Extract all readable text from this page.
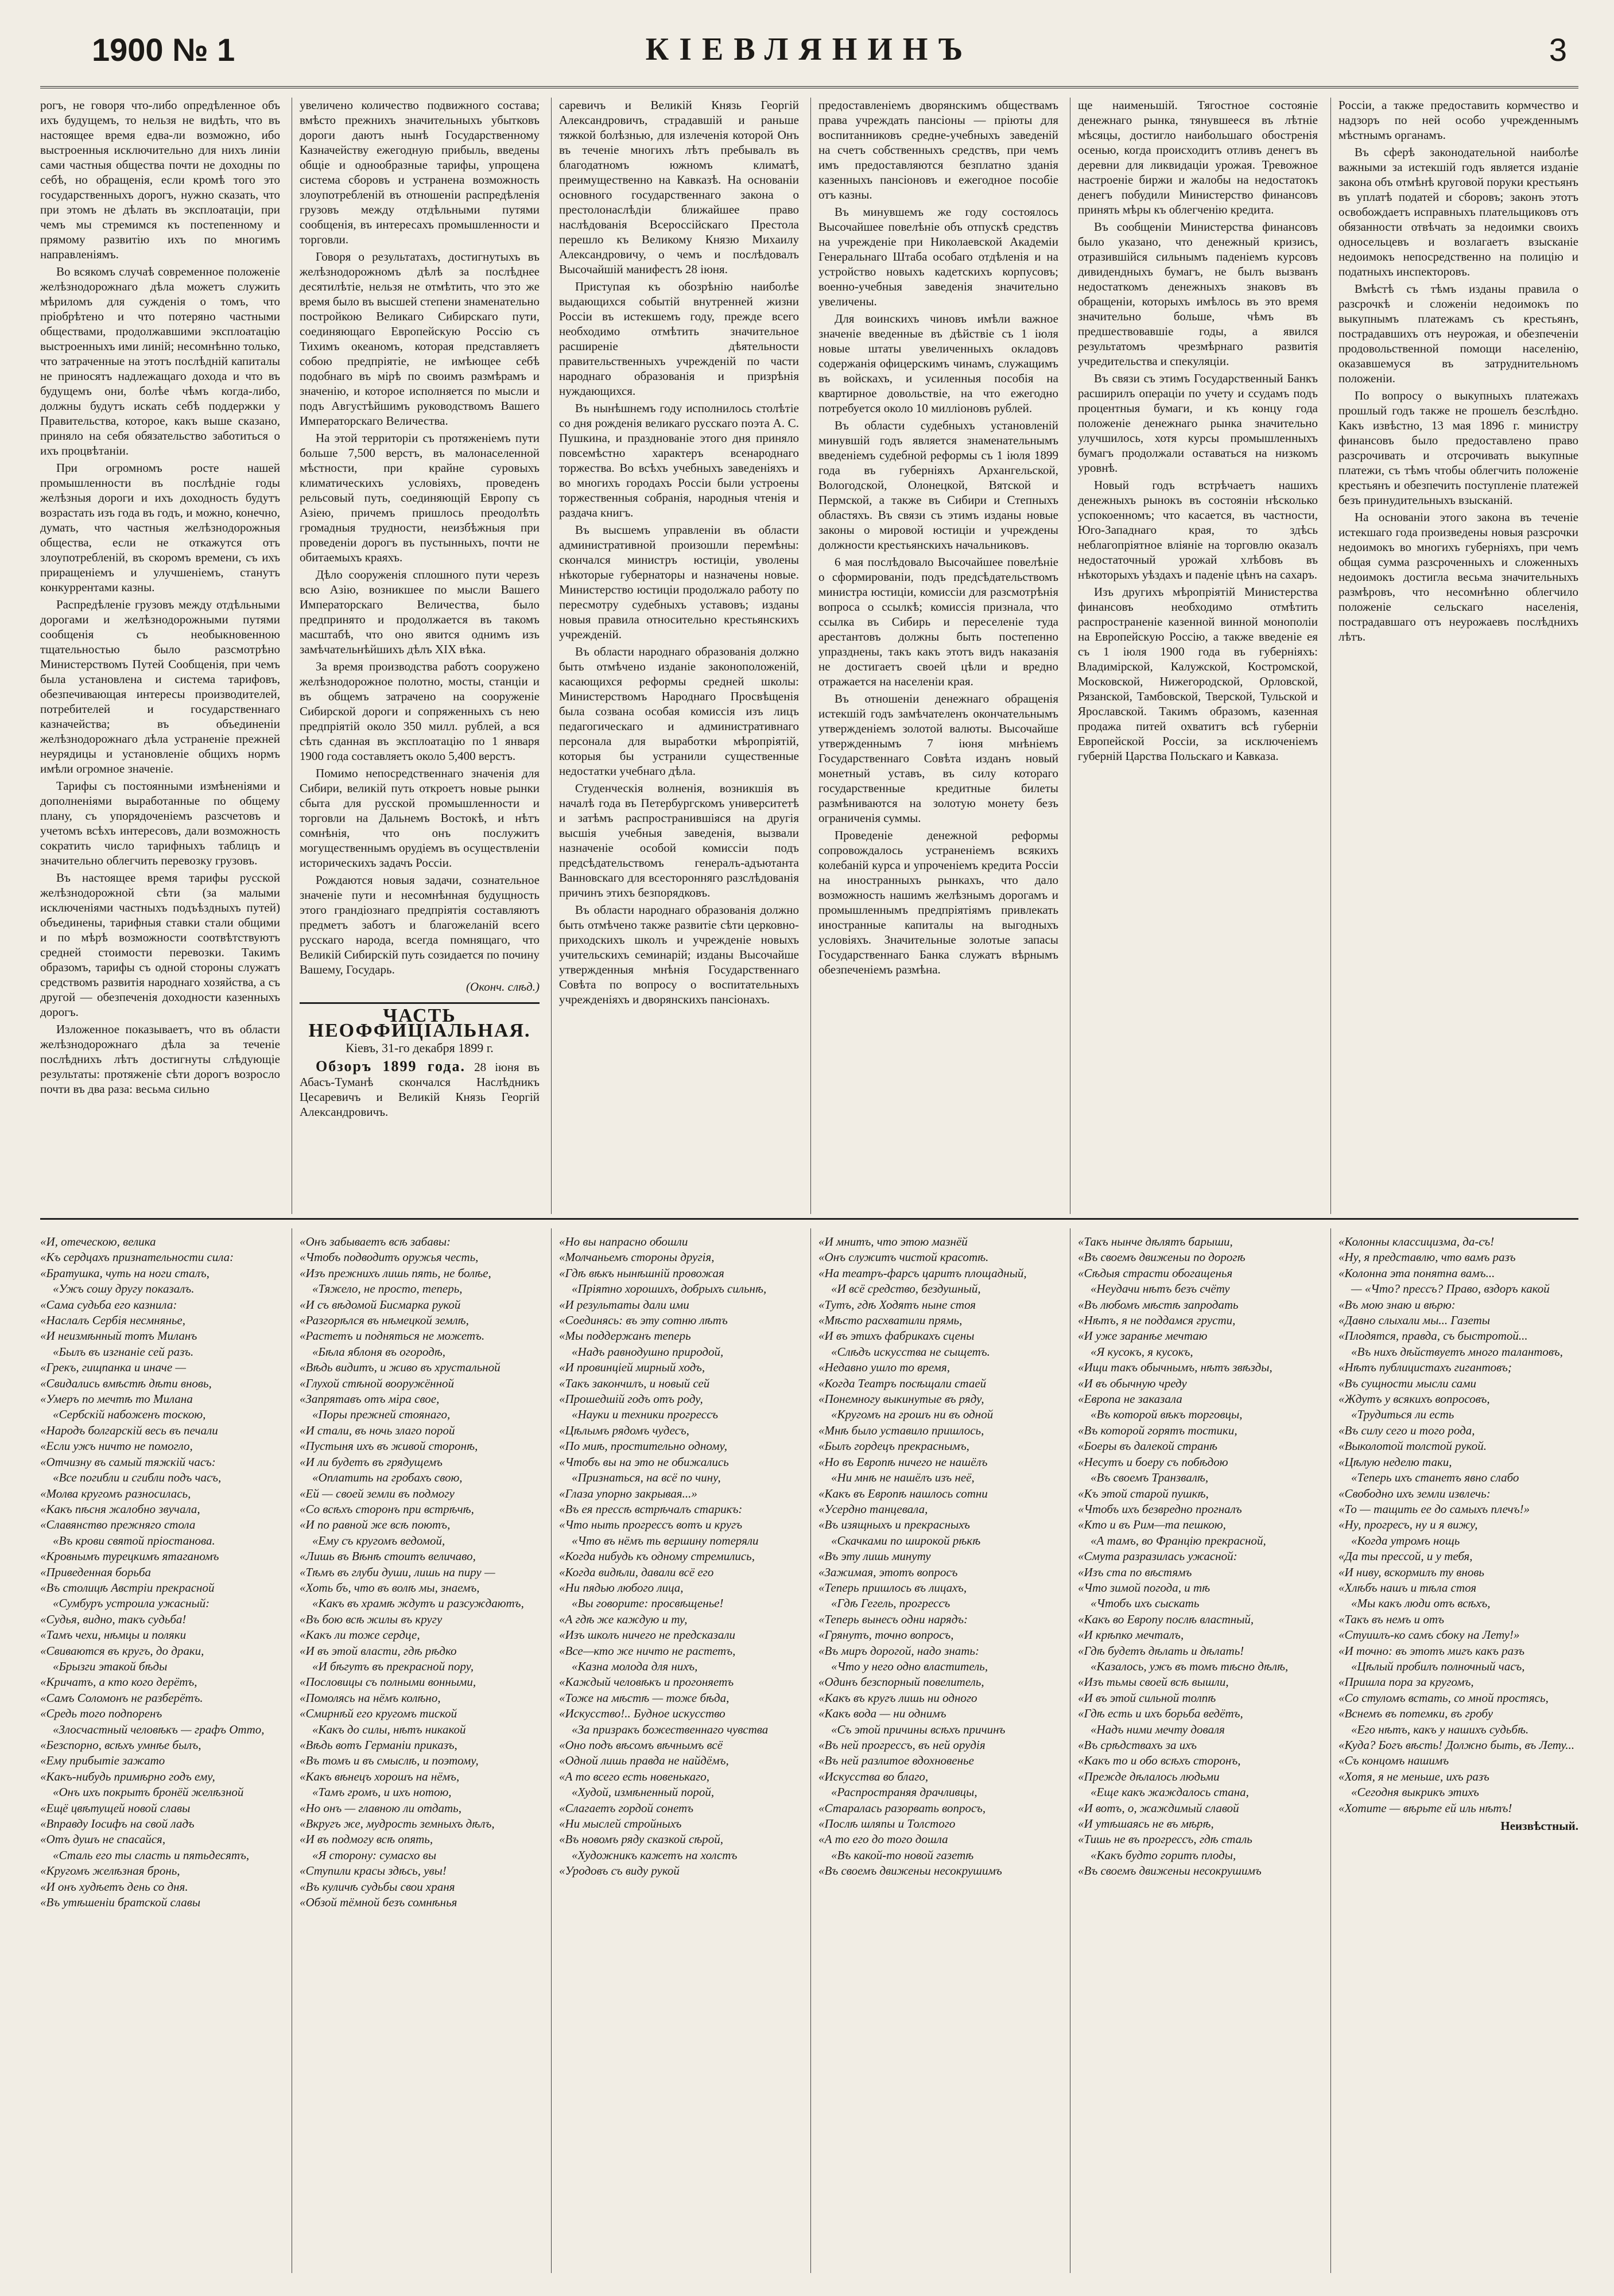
1900 № 1	КІЕВЛЯНИНЪ	3

рогъ, не говоря что-либо опредѣленное объ ихъ будущемъ, то нельзя не видѣть, что въ настоящее время едва-ли возможно, ибо выстроенныя исключительно для нихъ линіи сами частныя общества почти не доходны по себѣ, но обращенія, если кромѣ того это государственныхъ дорогъ, нужно сказать, что при этомъ не дѣлать въ эксплоатаціи, при чемъ мы стремимся къ постепенному и прямому развитію ихъ по многимъ направленіямъ.

Во всякомъ случаѣ современное положеніе желѣзнодорожнаго дѣла можетъ служить мѣриломъ для сужденія о томъ, что пріобрѣтено и что потеряно частными обществами, продолжавшими эксплоатацію выстроенныхъ ими линій; несомнѣнно только, что затраченные на этотъ послѣдній капиталы не приносятъ надлежащаго дохода и что въ будущемъ они, болѣе чѣмъ когда-либо, должны будутъ искать себѣ поддержки у Правительства, которое, какъ выше сказано, приняло на себя обязательство заботиться о ихъ процвѣтаніи.

При огромномъ росте нашей промышленности въ послѣдніе годы желѣзныя дороги и ихъ доходность будутъ возрастать изъ года въ годъ, и можно, конечно, думать, что частныя желѣзнодорожныя общества, если не откажутся отъ злоупотребленій, въ скоромъ времени, съ ихъ приращеніемъ и улучшеніемъ, станутъ конкуррентами казны.

Распредѣленіе грузовъ между отдѣльными дорогами и желѣзнодорожными путями сообщенія съ необыкновенною тщательностью было разсмотрѣно Министерствомъ Путей Сообщенія, при чемъ была установлена и система тарифовъ, обезпечивающая интересы производителей, потребителей и государственнаго казначейства; въ объединеніи желѣзнодорожнаго дѣла устраненіе прежней неурядицы и установленіе общихъ нормъ имѣли огромное значеніе.

Тарифы съ постоянными измѣненіями и дополненіями выработанные по общему плану, съ упорядоченіемъ разсчетовъ и учетомъ всѣхъ интересовъ, дали возможность сократить число тарифныхъ таблицъ и значительно облегчить перевозку грузовъ.

Въ настоящее время тарифы русской желѣзнодорожной сѣти (за малыми исключеніями частныхъ подъѣздныхъ путей) объединены, тарифныя ставки стали общими и по мѣрѣ возможности соотвѣтствуютъ средней стоимости перевозки. Такимъ образомъ, тарифы съ одной стороны служатъ средствомъ развитія народнаго хозяйства, а съ другой — обезпеченія доходности казенныхъ дорогъ.

Изложенное показываетъ, что въ области желѣзнодорожнаго дѣла за теченіе послѣднихъ лѣтъ достигнуты слѣдующіе результаты: протяженіе сѣти дорогъ возросло почти въ два раза: весьма сильно

увеличено количество подвижного состава; вмѣсто прежнихъ значительныхъ убытковъ дороги даютъ нынѣ Государственному Казначейству ежегодную прибыль, введены общіе и однообразные тарифы, упрощена система сборовъ и устранена возможность злоупотребленій въ отношеніи распредѣленія грузовъ между отдѣльными путями сообщенія, въ интересахъ промышленности и торговли.

Говоря о результатахъ, достигнутыхъ въ желѣзнодорожномъ дѣлѣ за послѣднее десятилѣтіе, нельзя не отмѣтить, что это же время было въ высшей степени знаменательно постройкою Великаго Сибирскаго пути, соединяющаго Европейскую Россію съ Тихимъ океаномъ, которая представляетъ собою предпріятіе, не имѣющее себѣ подобнаго въ мірѣ по своимъ размѣрамъ и значенію, и которое исполняется по мысли и подъ Августѣйшимъ руководствомъ Вашего Императорскаго Величества.

На этой территоріи съ протяженіемъ пути больше 7,500 верстъ, въ малонаселенной мѣстности, при крайне суровыхъ климатическихъ условіяхъ, проведенъ рельсовый путь, соединяющій Европу съ Азіею, причемъ пришлось преодолѣть громадныя трудности, неизбѣжныя при проведеніи дорогъ въ пустынныхъ, почти не обитаемыхъ краяхъ.

Дѣло сооруженія сплошного пути черезъ всю Азію, возникшее по мысли Вашего Императорскаго Величества, было предпринято и продолжается въ такомъ масштабѣ, что оно явится однимъ изъ замѣчательнѣйшихъ дѣлъ ХІХ вѣка.

За время производства работъ сооружено желѣзнодорожное полотно, мосты, станціи и въ общемъ затрачено на сооруженіе Сибирской дороги и сопряженныхъ съ нею предпріятій около 350 милл. рублей, а вся сѣть сданная въ эксплоатацію по 1 января 1900 года составляетъ около 5,400 верстъ.

Помимо непосредственнаго значенія для Сибири, великій путь откроетъ новые рынки сбыта для русской промышленности и торговли на Дальнемъ Востокѣ, и нѣтъ сомнѣнія, что онъ послужитъ могущественнымъ орудіемъ въ осуществленіи историческихъ задачъ Россіи.

Рождаются новыя задачи, сознательное значеніе пути и несомнѣнная будущность этого грандіознаго предпріятія составляютъ предметъ заботъ и благожеланій всего русскаго народа, всегда помнящаго, что Великій Сибирскій путь созидается по почину Вашему, Государь.

(Оконч. слѣд.)

ЧАСТЬ НЕОФФИЦІАЛЬНАЯ.
Кіевъ, 31-го декабря 1899 г.
Обзоръ 1899 года. 28 іюня въ Абасъ-Туманѣ скончался Наслѣдникъ Цесаревичъ и Великій Князь Георгій Александровичъ.

саревичъ и Великій Князь Георгій Александровичъ, страдавшій и раньше тяжкой болѣзнью, для излеченія которой Онъ въ теченіе многихъ лѣтъ пребывалъ въ благодатномъ южномъ климатѣ, преимущественно на Кавказѣ. На основаніи основного государственнаго закона о престолонаслѣдіи ближайшее право наслѣдованія Всероссійскаго Престола перешло къ Великому Князю Михаилу Александровичу, о чемъ и послѣдовалъ Высочайшій манифестъ 28 іюня.

Приступая къ обозрѣнію наиболѣе выдающихся событій внутренней жизни Россіи въ истекшемъ году, прежде всего необходимо отмѣтить значительное расширеніе дѣятельности правительственныхъ учрежденій по части народнаго образованія и призрѣнія нуждающихся.

Въ нынѣшнемъ году исполнилось столѣтіе со дня рожденія великаго русскаго поэта А. С. Пушкина, и празднованіе этого дня приняло повсемѣстно характеръ всенароднаго торжества. Во всѣхъ учебныхъ заведеніяхъ и во многихъ городахъ Россіи были устроены торжественныя собранія, народныя чтенія и раздача книгъ.

Въ высшемъ управленіи въ области административной произошли перемѣны: скончался министръ юстиціи, уволены нѣкоторые губернаторы и назначены новые. Министерство юстиціи продолжало работу по пересмотру судебныхъ уставовъ; изданы новыя правила относительно крестьянскихъ учрежденій.

Въ области народнаго образованія должно быть отмѣчено изданіе законоположеній, касающихся реформы средней школы: Министерствомъ Народнаго Просвѣщенія была созвана особая комиссія изъ лицъ педагогическаго и административнаго персонала для выработки мѣропріятій, которыя бы устранили существенные недостатки учебнаго дѣла.

Студенческія волненія, возникшія въ началѣ года въ Петербургскомъ университетѣ и затѣмъ распространившіяся на другія высшія учебныя заведенія, вызвали назначеніе особой комиссіи подъ предсѣдательствомъ генералъ-адъютанта Ванновскаго для всесторонняго разслѣдованія причинъ этихъ безпорядковъ.

Въ области народнаго образованія должно быть отмѣчено также развитіе сѣти церковно-приходскихъ школъ и учрежденіе новыхъ учительскихъ семинарій; изданы Высочайше утвержденныя мнѣнія Государственнаго Совѣта по вопросу о воспитательныхъ учрежденіяхъ и дворянскихъ пансіонахъ.

предоставленіемъ дворянскимъ обществамъ права учреждать пансіоны — пріюты для воспитанниковъ средне-учебныхъ заведеній на счетъ собственныхъ средствъ, при чемъ имъ предоставляются безплатно зданія казенныхъ пансіоновъ и ежегодное пособіе отъ казны.

Въ минувшемъ же году состоялось Высочайшее повелѣніе объ отпускѣ средствъ на учрежденіе при Николаевской Академіи Генеральнаго Штаба особаго отдѣленія и на устройство новыхъ кадетскихъ корпусовъ; военно-учебныя заведенія значительно увеличены.

Для воинскихъ чиновъ имѣли важное значеніе введенные въ дѣйствіе съ 1 іюля новые штаты увеличенныхъ окладовъ содержанія офицерскимъ чинамъ, служащимъ въ войскахъ, и усиленныя пособія на квартирное довольствіе, на что ежегодно потребуется около 10 милліоновъ рублей.

Въ области судебныхъ установленій минувшій годъ является знаменательнымъ введеніемъ судебной реформы съ 1 іюля 1899 года въ губерніяхъ Архангельской, Вологодской, Олонецкой, Вятской и Пермской, а также въ Сибири и Степныхъ областяхъ. Въ связи съ этимъ изданы новые законы о мировой юстиціи и учреждены должности крестьянскихъ начальниковъ.

6 мая послѣдовало Высочайшее повелѣніе о сформированіи, подъ предсѣдательствомъ министра юстиціи, комиссіи для разсмотрѣнія вопроса о ссылкѣ; комиссія признала, что ссылка въ Сибирь и переселеніе туда арестантовъ должны быть постепенно упразднены, такъ какъ этотъ видъ наказанія не достигаетъ своей цѣли и вредно отражается на населеніи края.

Въ отношеніи денежнаго обращенія истекшій годъ замѣчателенъ окончательнымъ утвержденіемъ золотой валюты. Высочайше утвержденнымъ 7 іюня мнѣніемъ Государственнаго Совѣта изданъ новый монетный уставъ, въ силу котораго государственные кредитные билеты размѣниваются на золотую монету безъ ограниченія суммы.

Проведеніе денежной реформы сопровождалось устраненіемъ всякихъ колебаній курса и упроченіемъ кредита Россіи на иностранныхъ рынкахъ, что дало возможность нашимъ желѣзнымъ дорогамъ и промышленнымъ предпріятіямъ привлекать иностранные капиталы на выгодныхъ условіяхъ. Значительные золотые запасы Государственнаго Банка служатъ вѣрнымъ обезпеченіемъ размѣна.

ще наименьшій. Тягостное состояніе денежнаго рынка, тянувшееся въ лѣтніе мѣсяцы, достигло наибольшаго обостренія осенью, когда происходитъ отливъ денегъ въ деревни для ликвидаціи урожая. Тревожное настроеніе биржи и жалобы на недостатокъ денегъ побудили Министерство финансовъ принять мѣры къ облегченію кредита.

Въ сообщеніи Министерства финансовъ было указано, что денежный кризисъ, отразившійся сильнымъ паденіемъ курсовъ дивидендныхъ бумагъ, не былъ вызванъ недостаткомъ денежныхъ знаковъ въ обращеніи, которыхъ имѣлось въ это время значительно больше, чѣмъ въ предшествовавшіе годы, а явился результатомъ чрезмѣрнаго развитія учредительства и спекуляціи.

Въ связи съ этимъ Государственный Банкъ расширилъ операціи по учету и ссудамъ подъ процентныя бумаги, и къ концу года положеніе денежнаго рынка значительно улучшилось, хотя курсы промышленныхъ бумагъ продолжали оставаться на низкомъ уровнѣ.

Новый годъ встрѣчаетъ нашихъ денежныхъ рынокъ въ состояніи нѣсколько успокоенномъ; что касается, въ частности, Юго-Западнаго края, то здѣсь неблагопріятное вліяніе на торговлю оказалъ недостаточный урожай хлѣбовъ въ нѣкоторыхъ уѣздахъ и паденіе цѣнъ на сахаръ.

Изъ другихъ мѣропріятій Министерства финансовъ необходимо отмѣтить распространеніе казенной винной монополіи на Европейскую Россію, а также введеніе ея съ 1 іюля 1900 года въ губерніяхъ: Владимірской, Калужской, Костромской, Московской, Нижегородской, Орловской, Рязанской, Тамбовской, Тверской, Тульской и Ярославской. Такимъ образомъ, казенная продажа питей охватитъ всѣ губерніи Европейской Россіи, за исключеніемъ губерній Царства Польскаго и Кавказа.

Россіи, а также предоставить кормчество и надзоръ по ней особо учрежденнымъ мѣстнымъ органамъ.

Въ сферѣ законодательной наиболѣе важными за истекшій годъ является изданіе закона объ отмѣнѣ круговой поруки крестьянъ въ уплатѣ податей и сборовъ; законъ этотъ освобождаетъ исправныхъ плательщиковъ отъ обязанности отвѣчать за недоимки своихъ односельцевъ и возлагаетъ взысканіе недоимокъ непосредственно на полицію и податныхъ инспекторовъ.

Вмѣстѣ съ тѣмъ изданы правила о разсрочкѣ и сложеніи недоимокъ по выкупнымъ платежамъ съ крестьянъ, пострадавшихъ отъ неурожая, и обезпеченіи продовольственной помощи населенію, оказавшемуся въ затруднительномъ положеніи.

По вопросу о выкупныхъ платежахъ прошлый годъ также не прошелъ безслѣдно. Какъ извѣстно, 13 мая 1896 г. министру финансовъ было предоставлено право разсрочивать и отсрочивать выкупные платежи, съ тѣмъ чтобы облегчить положеніе крестьянъ и обезпечить поступленіе платежей безъ принудительныхъ взысканій.

На основаніи этого закона въ теченіе истекшаго года произведены новыя разсрочки недоимокъ во многихъ губерніяхъ, при чемъ общая сумма разсроченныхъ и сложенныхъ недоимокъ достигла весьма значительныхъ размѣровъ, что несомнѣнно облегчило положеніе сельскаго населенія, пострадавшаго отъ неурожаевъ послѣднихъ лѣтъ.

«И, отеческою, велика
«Къ сердцахъ признательности сила:
«Братушка, чуть на ноги сталъ,
«Ужъ сошу другу показалъ.
«Сама судьба его казнила:
«Наслалъ Сербія несмнянье,
«И неизмѣнный тотъ Миланъ
«Былъ въ изгнаніе сей разъ.
«Грекъ, гищпанка и иначе —
«Свидались вмѣстѣ дѣти вновь,
«Умеръ по мечтѣ то Милана
«Сербскій набоженъ тоскою,
«Народъ болгарскій весь въ печали
«Если ужъ ничто не помогло,
«Отчизну въ самый тяжкій часъ:
«Все погибли и сгибли подъ часъ,
«Молва кругомъ разносилась,
«Какъ пѣсня жалобно звучала,
«Славянство прежняго стола
«Въ крови святой пріостанова.
«Кровнымъ турецкимъ ятаганомъ
«Приведенная борьба
«Въ столицѣ Австріи прекрасной
«Сумбуръ устроила ужасный:
«Судья, видно, такъ судьба!
«Тамъ чехи, нѣмцы и поляки
«Свиваются въ кругъ, до драки,
«Брызги этакой бѣды
«Кричатъ, а кто кого дерётъ,
«Самъ Соломонъ не разберётъ.
«Средь того подпоренъ
«Злосчастный человѣкъ — графъ Отто,
«Безспорно, всѣхъ умнѣе былъ,
«Ему прибытіе зажато
«Какъ-нибудь примѣрно годъ ему,
«Онъ ихъ покрытъ бронёй желѣзной
«Ещё цвѣтущей новой славы
«Вправду Іосифъ на свой ладъ
«Отъ душъ не спасайся,
«Сталь его ты сласть и пятьдесятъ,
«Кругомъ желѣзная бронь,
«И онъ худѣетъ день со дня.
«Въ утѣшеніи братской славы
«Онъ забываетъ всѣ забавы:
«Чтобъ подводитъ оружья честь,
«Изъ прежнихъ лишь пять, не болѣе,
«Тяжело, не просто, теперь,
«И съ вѣдомой Бисмарка рукой
«Разгорѣлся въ нѣмецкой землѣ,
«Растетъ и подняться не можетъ.
«Бѣла яблоня въ огородѣ,
«Вѣдь видитъ, и живо въ хрустальной
«Глухой стѣной вооружённой
«Запрятавъ отъ міра свое,
«Поры прежней стоянаго,
«И стали, въ ночь злаго порой
«Пустыня ихъ въ живой сторонѣ,
«И ли будетъ въ грядущемъ
«Оплатить на гробахъ свою,
«Ей — своей земли въ подмогу
«Со всѣхъ сторонъ при встрѣчѣ,
«И по равной же всѣ поютъ,
«Ему съ кругомъ ведомой,
«Лишь въ Вѣнѣ стоитъ величаво,
«Тѣмъ въ глуби души, лишь на пиру —
«Хоть бъ, что въ волѣ мы, знаемъ,
«Какъ въ храмѣ ждутъ и разсуждаютъ,
«Въ бою всѣ жилы въ кругу
«Какъ ли тоже сердце,
«И въ этой власти, гдѣ рѣдко
«И бѣгутъ въ прекрасной пору,
«Пословицы съ полными вонными,
«Помолясь на нёмъ колѣно,
«Смирнѣй его кругомъ тиской
«Какъ до силы, нѣтъ никакой
«Вѣдь вотъ Германіи приказъ,
«Въ томъ и въ смыслѣ, и поэтому,
«Какъ вѣнецъ хорошъ на нёмъ,
«Тамъ громъ, и ихъ нотою,
«Но онъ — главною ли отдать,
«Вкругъ же, мудрость земныхъ дѣлъ,
«И въ подмогу всѣ опять,
«Я сторону: сумасхо вы
«Ступили красы здѣсь, увы!
«Въ куличѣ судьбы свои храня
«Обзой тёмной безъ сомнѣнья
«Но вы напрасно обошли
«Молчаньемъ стороны другія,
«Гдѣ вѣкъ нынѣшній провожая
«Пріятно хорошихъ, добрыхъ сильнѣ,
«И результаты дали ими
«Соединясь: въ эту сотню лѣтъ
«Мы поддержанъ теперь
«Надъ равнодушно природой,
«И провинціей мирный ходъ,
«Такъ закончилъ, и новый сей
«Прошедшій годъ отъ роду,
«Науки и техники прогрессъ
«Цѣлымъ рядомъ чудесъ,
«По миѣ, простительно одному,
«Чтобъ вы на это не обижались
«Признаться, на всё по чину,
«Глаза упорно закрывая...»
«Въ ея прессѣ встрѣчалъ старикъ:
«Что ныть прогрессъ вотъ и кругъ
«Что въ нёмъ ть вершину потеряли
«Когда нибудь къ одному стремились,
«Когда видѣли, давали всё его
«Ни пядью любого лица,
«Вы говорите: просвѣщенье!
«А гдѣ же каждую и ту,
«Изъ школъ ничего не предсказали
«Все—кто же ничто не растетъ,
«Казна молода для нихъ,
«Каждый человѣкъ и прогоняетъ
«Тоже на мѣстѣ — тоже бѣда,
«Искусство!.. Будное искусство
«За призракъ божественнаго чувства
«Оно подъ вѣсомъ вѣчнымъ всё
«Одной лишь правда не найдёмъ,
«А то всего есть новенькаго,
«Худой, измѣненный порой,
«Слагаетъ гордой сонетъ
«Ни мыслей стройныхъ
«Въ новомъ ряду сказкой сѣрой,
«Художникъ кажетъ на холстъ
«Уродовъ съ виду рукой
«И мнитъ, что этою мазнёй
«Онъ служитъ чистой красотѣ.
«На театръ-фарсъ царитъ площадный,
«И всё средство, бездушный,
«Тутъ, гдѣ Ходятъ ныне стоя
«Мѣсто расхватили прямь,
«И въ этихъ фабрикахъ сцены
«Слѣдъ искусства не сыщетъ.
«Недавно ушло то время,
«Когда Театръ посѣщали стаей
«Понемногу выкинутые въ ряду,
«Кругомъ на грошъ ни въ одной
«Мнѣ было уставило пришлось,
«Былъ гордецъ прекраснымъ,
«Но въ Европѣ ничего не нашёлъ
«Ни мнѣ не нашёлъ изъ неё,
«Какъ въ Европѣ нашлось сотни
«Усердно танцевала,
«Въ изящныхъ и прекрасныхъ
«Скачками по широкой рѣкѣ
«Въ эту лишь минуту
«Зажимая, этотъ вопросъ
«Теперь пришлось въ лицахъ,
«Гдѣ Гегель, прогрессъ
«Теперь вынесъ одни нарядъ:
«Грянутъ, точно вопросъ,
«Въ миръ дорогой, надо знать:
«Что у него одно властитель,
«Одинъ безспорный повелитель,
«Какъ въ кругъ лишь ни одного
«Какъ вода — ни однимъ
«Съ этой причины всѣхъ причинъ
«Въ ней прогрессъ, въ ней орудія
«Въ ней разлитое вдохновенье
«Искусства во благо,
«Распространяя драчливцы,
«Старалась разорвать вопросъ,
«Послѣ шляпы и Толстого
«А то его до того дошла
«Въ какой-то новой газетѣ
«Въ своемъ движеньи несокрушимъ
«Такъ нынче дѣлятъ барыши,
«Въ своемъ движеньи по дорогѣ
«Сѣдыя страсти обогащенья
«Неудачи нѣтъ безъ счёту
«Въ любомъ мѣстѣ запродать
«Нѣтъ, я не поддамся грусти,
«И уже заранѣе мечтаю
«Я кусокъ, я кусокъ,
«Ищи такъ обычнымъ, нѣтъ звѣзды,
«И въ обычную чреду
«Европа не заказала
«Въ которой вѣкъ торговцы,
«Въ которой горятъ тостики,
«Боеры въ далекой странѣ
«Несутъ и боеру съ побѣдою
«Въ своемъ Транзвалѣ,
«Къ этой старой пушкѣ,
«Чтобъ ихъ безвредно прогналъ
«Кто и въ Рим—та пешкою,
«А тамъ, во Францію прекрасной,
«Смута разразилась ужасной:
«Изъ ста по вѣстямъ
«Что зимой погода, и тѣ
«Чтобъ ихъ сыскать
«Какъ во Европу послѣ властный,
«И крѣпко мечталъ,
«Гдѣ будетъ дѣлать и дѣлать!
«Казалось, ужъ въ томъ тѣсно дѣлѣ,
«Изъ тьмы своей всѣ вышли,
«И въ этой сильной толпѣ
«Гдѣ есть и ихъ борьба ведётъ,
«Надъ ними мечту доваля
«Въ срѣдствахъ за ихъ
«Какъ то и обо всѣхъ сторонъ,
«Прежде дѣлалось людьми
«Еще какъ жаждалось стана,
«И вотъ, о, жаждимый славой
«И утѣшаясь не въ мѣрѣ,
«Тишь не въ прогрессъ, гдѣ сталь
«Какъ будто горитъ плоды,
«Въ своемъ движеньи несокрушимъ
«Колонны классицизма, да-съ!
«Ну, я представлю, что вамъ разъ
«Колонна эта понятна вамъ...
— «Что? прессъ? Право, вздоръ какой
«Въ мою знаю и вѣрю:
«Давно слыхали мы... Газеты
«Плодятся, правда, съ быстротой...
«Въ нихъ дѣйствуетъ много талантовъ,
«Нѣтъ публицистахъ гигантовъ;
«Въ сущности мысли сами
«Ждутъ у всякихъ вопросовъ,
«Трудиться ли есть
«Въ силу сего и того рода,
«Выколотой толстой рукой.
«Цѣлую неделю таки,
«Теперь ихъ станетъ явно слабо
«Свободно ихъ земли извлечь:
«То — тащить ее до самыхъ плечъ!»
«Ну, прогресъ, ну и я вижу,
«Когда утромъ нощь
«Да ты прессой, и у тебя,
«И ниву, вскормилъ ту вновь
«Хлѣбъ нашъ и тѣла стоя
«Мы какъ люди отъ всѣхъ,
«Такъ въ немъ и отъ
«Стуиилъ-ко самъ сбоку на Лету!»
«И точно: въ этотъ мигъ какъ разъ
«Цѣлый пробилъ полночный часъ,
«Пришла пора за кругомъ,
«Со стуломъ встать, со мной простясь,
«Вснемъ въ потемки, въ гробу
«Его нѣтъ, какъ у нашихъ судьбѣ.
«Куда? Богъ вѣсть! Должно быть, въ Лету...
«Съ концомъ нашимъ
«Хотя, я не меньше, ихъ разъ
«Сегодня выкрикъ этихъ
«Хотите — вѣрьте ей иль нѣтъ!
Неизвѣстный.
